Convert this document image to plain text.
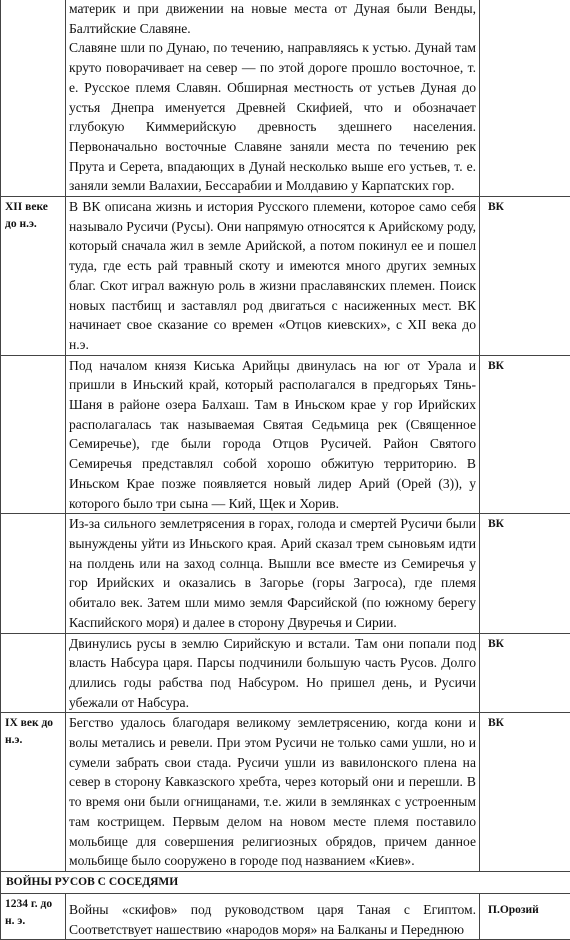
	материк и при движении на новые места от Дуная были Венды, Балтийские Славяне.

Славяне шли по Дунаю, по течению, направляясь к устью. Дунай там круто поворачивает на север — по этой дороге прошло восточное, т. е. Русское племя Славян. Обширная местность от устьев Дуная до устья Днепра именуется Древней Скифией, что и обозначает глубокую Киммерийскую древность здешнего населения. Первоначально восточные Славяне заняли места по течению рек Прута и Серета, впадающих в Дунай несколько выше его устьев, т. е. заняли земли Валахии, Бессарабии и Молдавию у Карпатских гор.	

XII веке до н.э.	В ВК описана жизнь и история Русского племени, которое само себя называло Русичи (Русы). Они напрямую относятся к Арийскому роду, который сначала жил в земле Арийской, а потом покинул ее и пошел туда, где есть рай травный скоту и имеются много других земных благ. Скот играл важную роль в жизни праславянских племен. Поиск новых пастбищ и заставлял род двигаться с насиженных мест. ВК начинает свое сказание со времен «Отцов киевских», с XII века до н.э.	ВК

	Под началом князя Киська Арийцы двинулась на юг от Урала и пришли в Иньский край, который располагался в предгорьях Тянь-Шаня в районе озера Балхаш. Там в Иньском крае у гор Ирийских располагалась так называемая Святая Седьмица рек (Священное Семиречье), где были города Отцов Русичей. Район Святого Семиречья представлял собой хорошо обжитую территорию. В Иньском Крае позже появляется новый лидер Арий (Орей (3)), у которого было три сына — Кий, Щек и Хорив.	ВК

	Из-за сильного землетрясения в горах, голода и смертей Русичи были вынуждены уйти из Иньского края. Арий сказал трем сыновьям идти на полдень или на заход солнца. Вышли все вместе из Семиречья у гор Ирийских и оказались в Загорье (горы Загроса), где племя обитало век. Затем шли мимо земля Фарсийской (по южному берегу Каспийского моря) и далее в сторону Двуречья и Сирии.	ВК

	Двинулись русы в землю Сирийскую и встали. Там они попали под власть Набсура царя. Парсы подчинили большую часть Русов. Долго длились годы рабства под Набсуром. Но пришел день, и Русичи убежали от Набсура.	ВК

IX век до н.э.	Бегство удалось благодаря великому землетрясению, когда кони и волы метались и ревели. При этом Русичи не только сами ушли, но и сумели забрать свои стада. Русичи ушли из вавилонского плена на север в сторону Кавказского хребта, через который они и перешли. В то время они были огнищанами, т.е. жили в землянках с устроенным там кострищем. Первым делом на новом месте племя поставило мольбище для совершения религиозных обрядов, причем данное мольбище было сооружено в городе под названием «Киев».	ВК

ВОЙНЫ РУСОВ С СОСЕДЯМИ		

1234 г. до н. э.	Войны «скифов» под руководством царя Таная с Египтом. Соответствует нашествию «народов моря» на Балканы и Переднюю	П.Орозий
